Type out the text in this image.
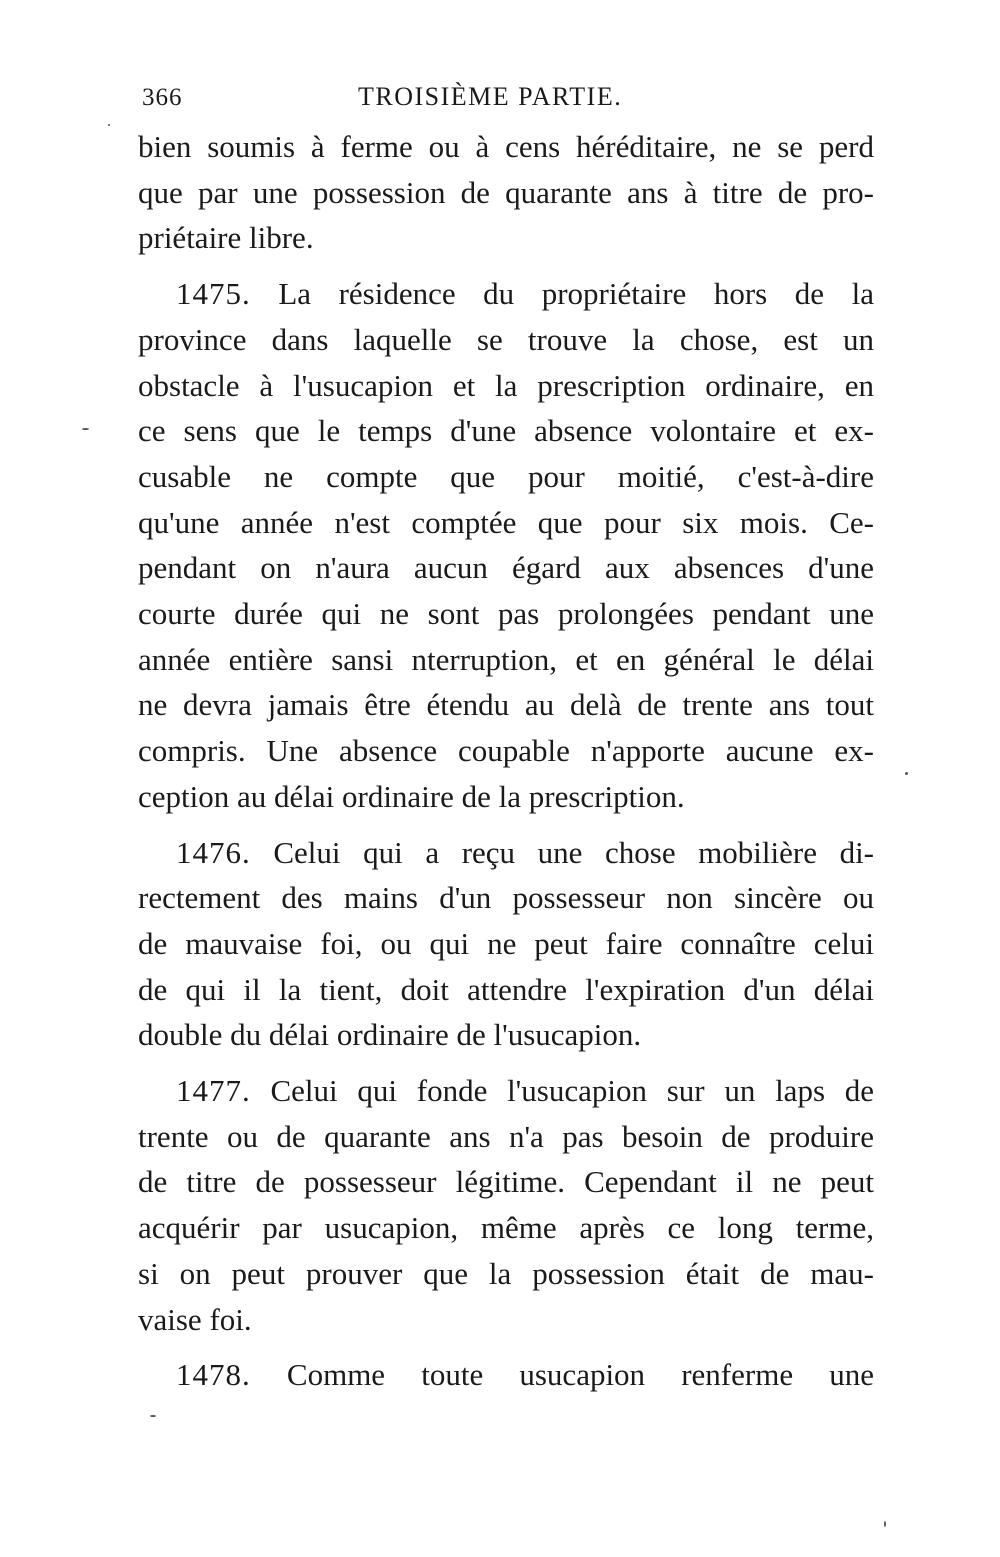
366	TROISIÈME PARTIE.

bien soumis à ferme ou à cens héréditaire, ne se perd
que par une possession de quarante ans à titre de pro-
priétaire libre.

1475. La résidence du propriétaire hors de la
province dans laquelle se trouve la chose, est un
obstacle à l'usucapion et la prescription ordinaire, en
ce sens que le temps d'une absence volontaire et ex-
cusable ne compte que pour moitié, c'est-à-dire
qu'une année n'est comptée que pour six mois. Ce-
pendant on n'aura aucun égard aux absences d'une
courte durée qui ne sont pas prolongées pendant une
année entière sansi nterruption, et en général le délai
ne devra jamais être étendu au delà de trente ans tout
compris. Une absence coupable n'apporte aucune ex-
ception au délai ordinaire de la prescription.

1476. Celui qui a reçu une chose mobilière di-
rectement des mains d'un possesseur non sincère ou
de mauvaise foi, ou qui ne peut faire connaître celui
de qui il la tient, doit attendre l'expiration d'un délai
double du délai ordinaire de l'usucapion.

1477. Celui qui fonde l'usucapion sur un laps de
trente ou de quarante ans n'a pas besoin de produire
de titre de possesseur légitime. Cependant il ne peut
acquérir par usucapion, même après ce long terme,
si on peut prouver que la possession était de mau-
vaise foi.

1478. Comme toute usucapion renferme une
